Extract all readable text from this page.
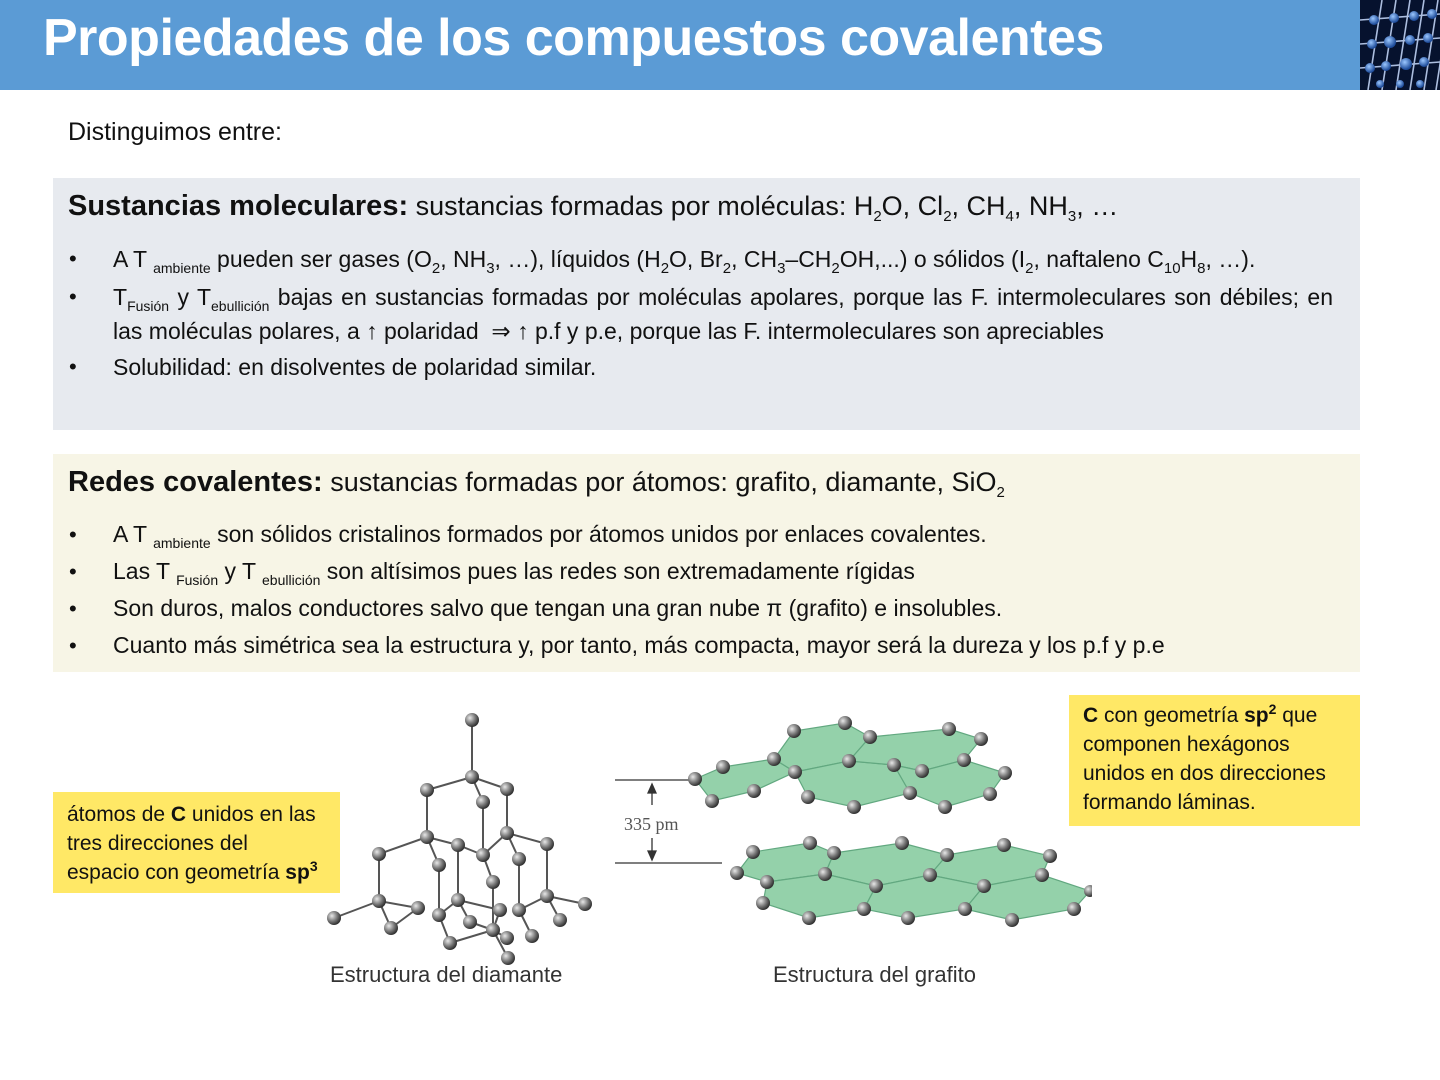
Propiedades de los compuestos covalentes
Distinguimos entre:
Sustancias moleculares: sustancias formadas por moléculas: $H_2O$, $Cl_2$, $CH_4$, $NH_3$, …
• A T $_{ambiente}$ pueden ser gases ($O_2$, $NH_3$, …), líquidos ($H_2O$, $Br_2$, $CH_3-CH_2OH$,...) o sólidos ($I_2$, naftaleno $C_{10}H_8$, …).
• $T_{Fusión}$ y $T_{ebullición}$ bajas en sustancias formadas por moléculas apolares, porque las F. intermoleculares son débiles; en las moléculas polares, a ↑ polaridad  ⇒ ↑ p.f y p.e, porque las F. intermoleculares son apreciables
• Solubilidad: en disolventes de polaridad similar.
Redes covalentes: sustancias formadas por átomos: grafito, diamante, SiO$_2$
• A T $_{ambiente}$ son sólidos cristalinos formados por átomos unidos por enlaces covalentes.
• Las T $_{Fusión}$ y T $_{ebullición}$ son altísimos pues las redes son extremadamente rígidas
• Son duros, malos conductores salvo que tengan una gran nube π (grafito) e insolubles.
• Cuanto más simétrica sea la estructura y, por tanto, más compacta, mayor será la dureza y los p.f y p.e
átomos de C unidos en las tres direcciones del espacio con geometría $sp^3$
Estructura del diamante
335 pm
Estructura del grafito
C con geometría $sp^2$ que componen hexágonos unidos en dos direcciones formando láminas.
